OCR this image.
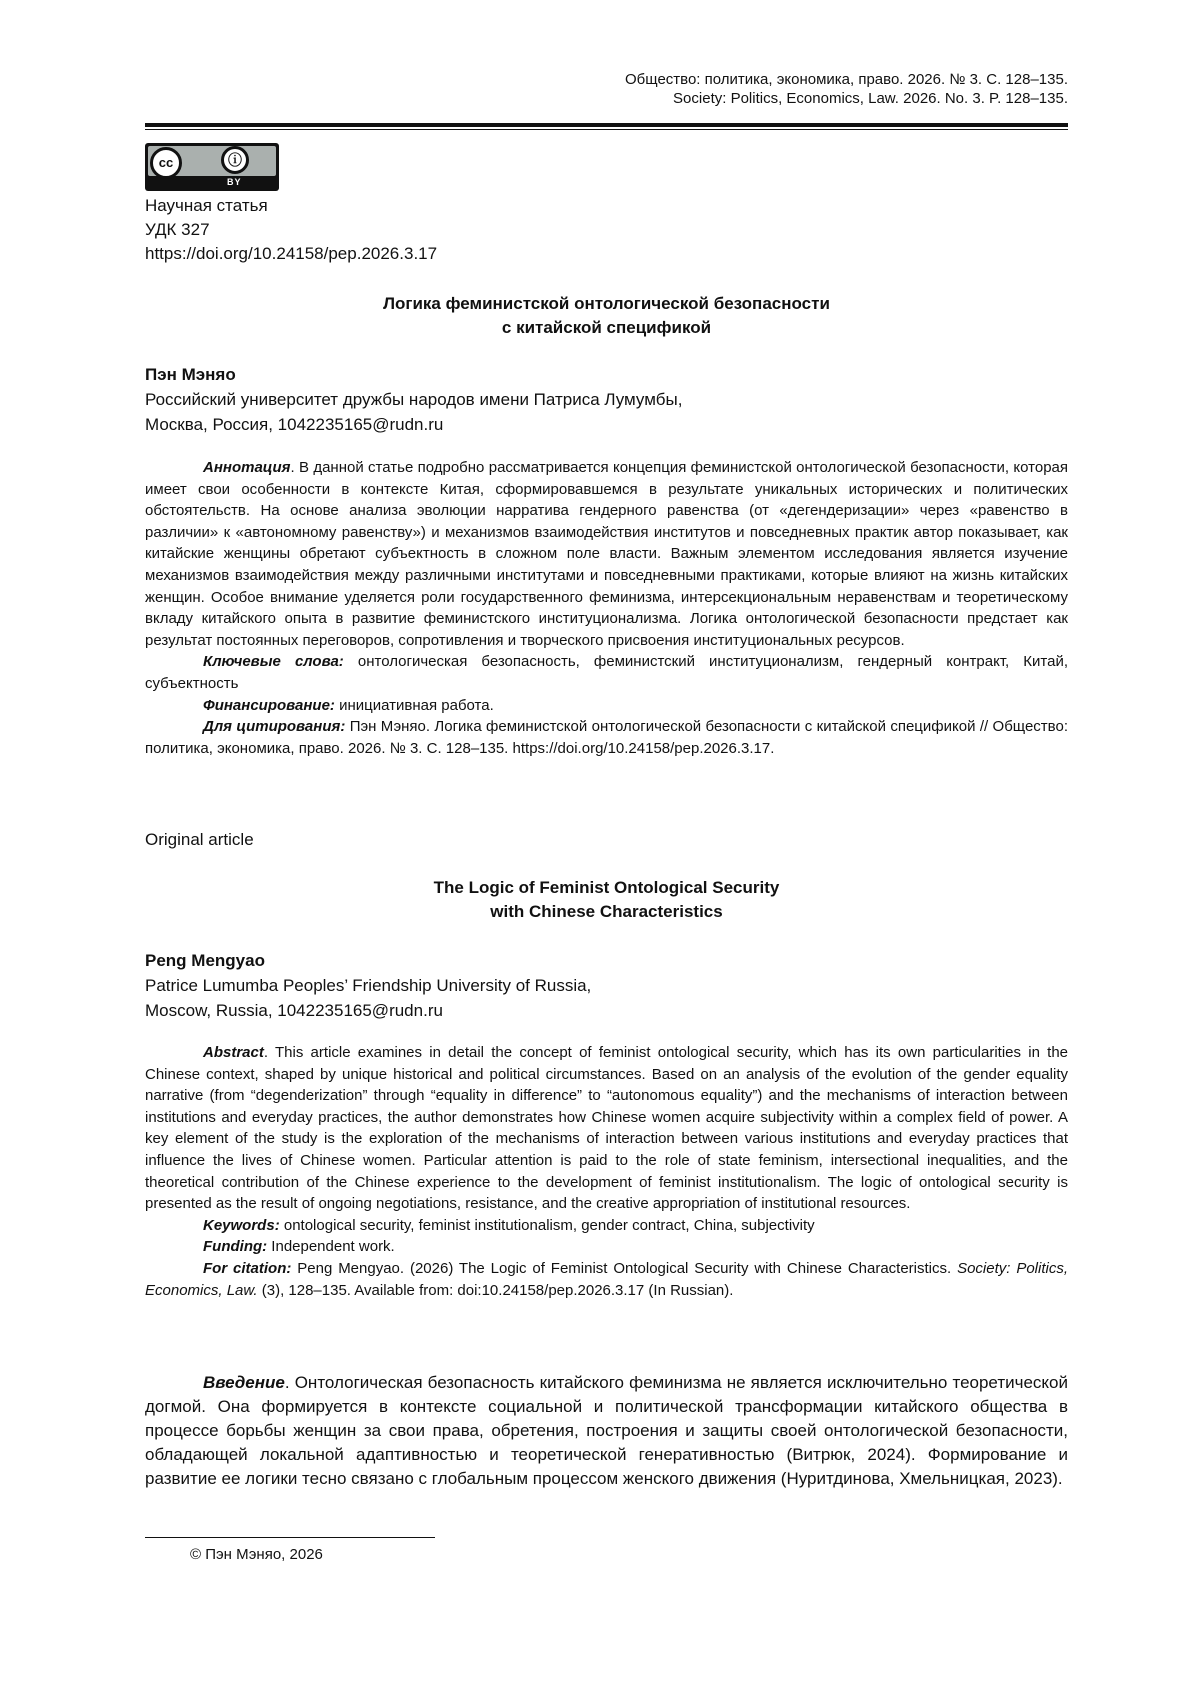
Общество: политика, экономика, право. 2026. № 3. С. 128–135.
Society: Politics, Economics, Law. 2026. No. 3. P. 128–135.
cc	ⓘ
BY
Научная статья
УДК 327
https://doi.org/10.24158/pep.2026.3.17
Логика феминистской онтологической безопасности
с китайской спецификой
Пэн Мэняо
Российский университет дружбы народов имени Патриса Лумумбы,
Москва, Россия, 1042235165@rudn.ru

Аннотация. В данной статье подробно рассматривается концепция феминистской онтологической безопасности, которая имеет свои особенности в контексте Китая, сформировавшемся в результате уникальных исторических и политических обстоятельств. На основе анализа эволюции нарратива гендерного равенства (от «дегендеризации» через «равенство в различии» к «автономному равенству») и механизмов взаимодействия институтов и повседневных практик автор показывает, как китайские женщины обретают субъектность в сложном поле власти. Важным элементом исследования является изучение механизмов взаимодействия между различными институтами и повседневными практиками, которые влияют на жизнь китайских женщин. Особое внимание уделяется роли государственного феминизма, интерсекциональным неравенствам и теоретическому вкладу китайского опыта в развитие феминистского институционализма. Логика онтологической безопасности предстает как результат постоянных переговоров, сопротивления и творческого присвоения институциональных ресурсов.

Ключевые слова: онтологическая безопасность, феминистский институционализм, гендерный контракт, Китай, субъектность

Финансирование: инициативная работа.

Для цитирования: Пэн Мэняо. Логика феминистской онтологической безопасности с китайской спецификой // Общество: политика, экономика, право. 2026. № 3. С. 128–135. https://doi.org/10.24158/pep.2026.3.17.

Original article
The Logic of Feminist Ontological Security
with Chinese Characteristics
Peng Mengyao
Patrice Lumumba Peoples’ Friendship University of Russia,
Moscow, Russia, 1042235165@rudn.ru

Abstract. This article examines in detail the concept of feminist ontological security, which has its own particularities in the Chinese context, shaped by unique historical and political circumstances. Based on an analysis of the evolution of the gender equality narrative (from “degenderization” through “equality in difference” to “autonomous equality”) and the mechanisms of interaction between institutions and everyday practices, the author demonstrates how Chinese women acquire subjectivity within a complex field of power. A key element of the study is the exploration of the mechanisms of interaction between various institutions and everyday practices that influence the lives of Chinese women. Particular attention is paid to the role of state feminism, intersectional inequalities, and the theoretical contribution of the Chinese experience to the development of feminist institutionalism. The logic of ontological security is presented as the result of ongoing negotiations, resistance, and the creative appropriation of institutional resources.

Keywords: ontological security, feminist institutionalism, gender contract, China, subjectivity

Funding: Independent work.

For citation: Peng Mengyao. (2026) The Logic of Feminist Ontological Security with Chinese Characteristics. Society: Politics, Economics, Law. (3), 128–135. Available from: doi:10.24158/pep.2026.3.17 (In Russian).

Введение. Онтологическая безопасность китайского феминизма не является исключительно теоретической догмой. Она формируется в контексте социальной и политической трансформации китайского общества в процессе борьбы женщин за свои права, обретения, построения и защиты своей онтологической безопасности, обладающей локальной адаптивностью и теоретической генеративностью (Витрюк, 2024). Формирование и развитие ее логики тесно связано с глобальным процессом женского движения (Нуритдинова, Хмельницкая, 2023).

© Пэн Мэняо, 2026
